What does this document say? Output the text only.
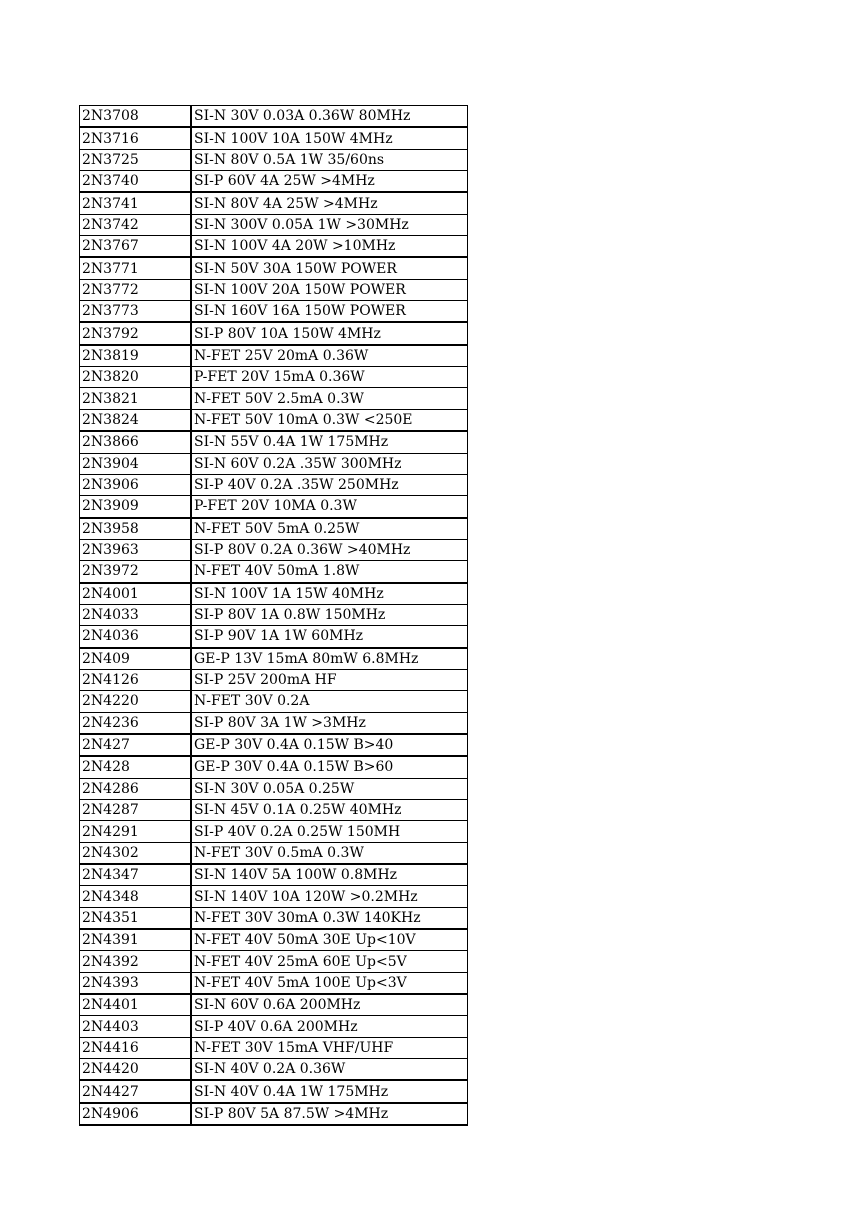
2N3708	SI-N 30V 0.03A 0.36W 80MHz
2N3716	SI-N 100V 10A 150W 4MHz
2N3725	SI-N 80V 0.5A 1W 35/60ns
2N3740	SI-P 60V 4A 25W >4MHz
2N3741	SI-N 80V 4A 25W >4MHz
2N3742	SI-N 300V 0.05A 1W >30MHz
2N3767	SI-N 100V 4A 20W >10MHz
2N3771	SI-N 50V 30A 150W POWER
2N3772	SI-N 100V 20A 150W POWER
2N3773	SI-N 160V 16A 150W POWER
2N3792	SI-P 80V 10A 150W 4MHz
2N3819	N-FET 25V 20mA 0.36W
2N3820	P-FET 20V 15mA 0.36W
2N3821	N-FET 50V 2.5mA 0.3W
2N3824	N-FET 50V 10mA 0.3W <250E
2N3866	SI-N 55V 0.4A 1W 175MHz
2N3904	SI-N 60V 0.2A .35W 300MHz
2N3906	SI-P 40V 0.2A .35W 250MHz
2N3909	P-FET 20V 10MA 0.3W
2N3958	N-FET 50V 5mA 0.25W
2N3963	SI-P 80V 0.2A 0.36W >40MHz
2N3972	N-FET 40V 50mA 1.8W
2N4001	SI-N 100V 1A 15W 40MHz
2N4033	SI-P 80V 1A 0.8W 150MHz
2N4036	SI-P 90V 1A 1W 60MHz
2N409	GE-P 13V 15mA 80mW 6.8MHz
2N4126	SI-P 25V 200mA HF
2N4220	N-FET 30V 0.2A
2N4236	SI-P 80V 3A 1W >3MHz
2N427	GE-P 30V 0.4A 0.15W B>40
2N428	GE-P 30V 0.4A 0.15W B>60
2N4286	SI-N 30V 0.05A 0.25W
2N4287	SI-N 45V 0.1A 0.25W 40MHz
2N4291	SI-P 40V 0.2A 0.25W 150MH
2N4302	N-FET 30V 0.5mA 0.3W
2N4347	SI-N 140V 5A 100W 0.8MHz
2N4348	SI-N 140V 10A 120W >0.2MHz
2N4351	N-FET 30V 30mA 0.3W 140KHz
2N4391	N-FET 40V 50mA 30E Up<10V
2N4392	N-FET 40V 25mA 60E Up<5V
2N4393	N-FET 40V 5mA 100E Up<3V
2N4401	SI-N 60V 0.6A 200MHz
2N4403	SI-P 40V 0.6A 200MHz
2N4416	N-FET 30V 15mA VHF/UHF
2N4420	SI-N 40V 0.2A 0.36W
2N4427	SI-N 40V 0.4A 1W 175MHz
2N4906	SI-P 80V 5A 87.5W >4MHz
